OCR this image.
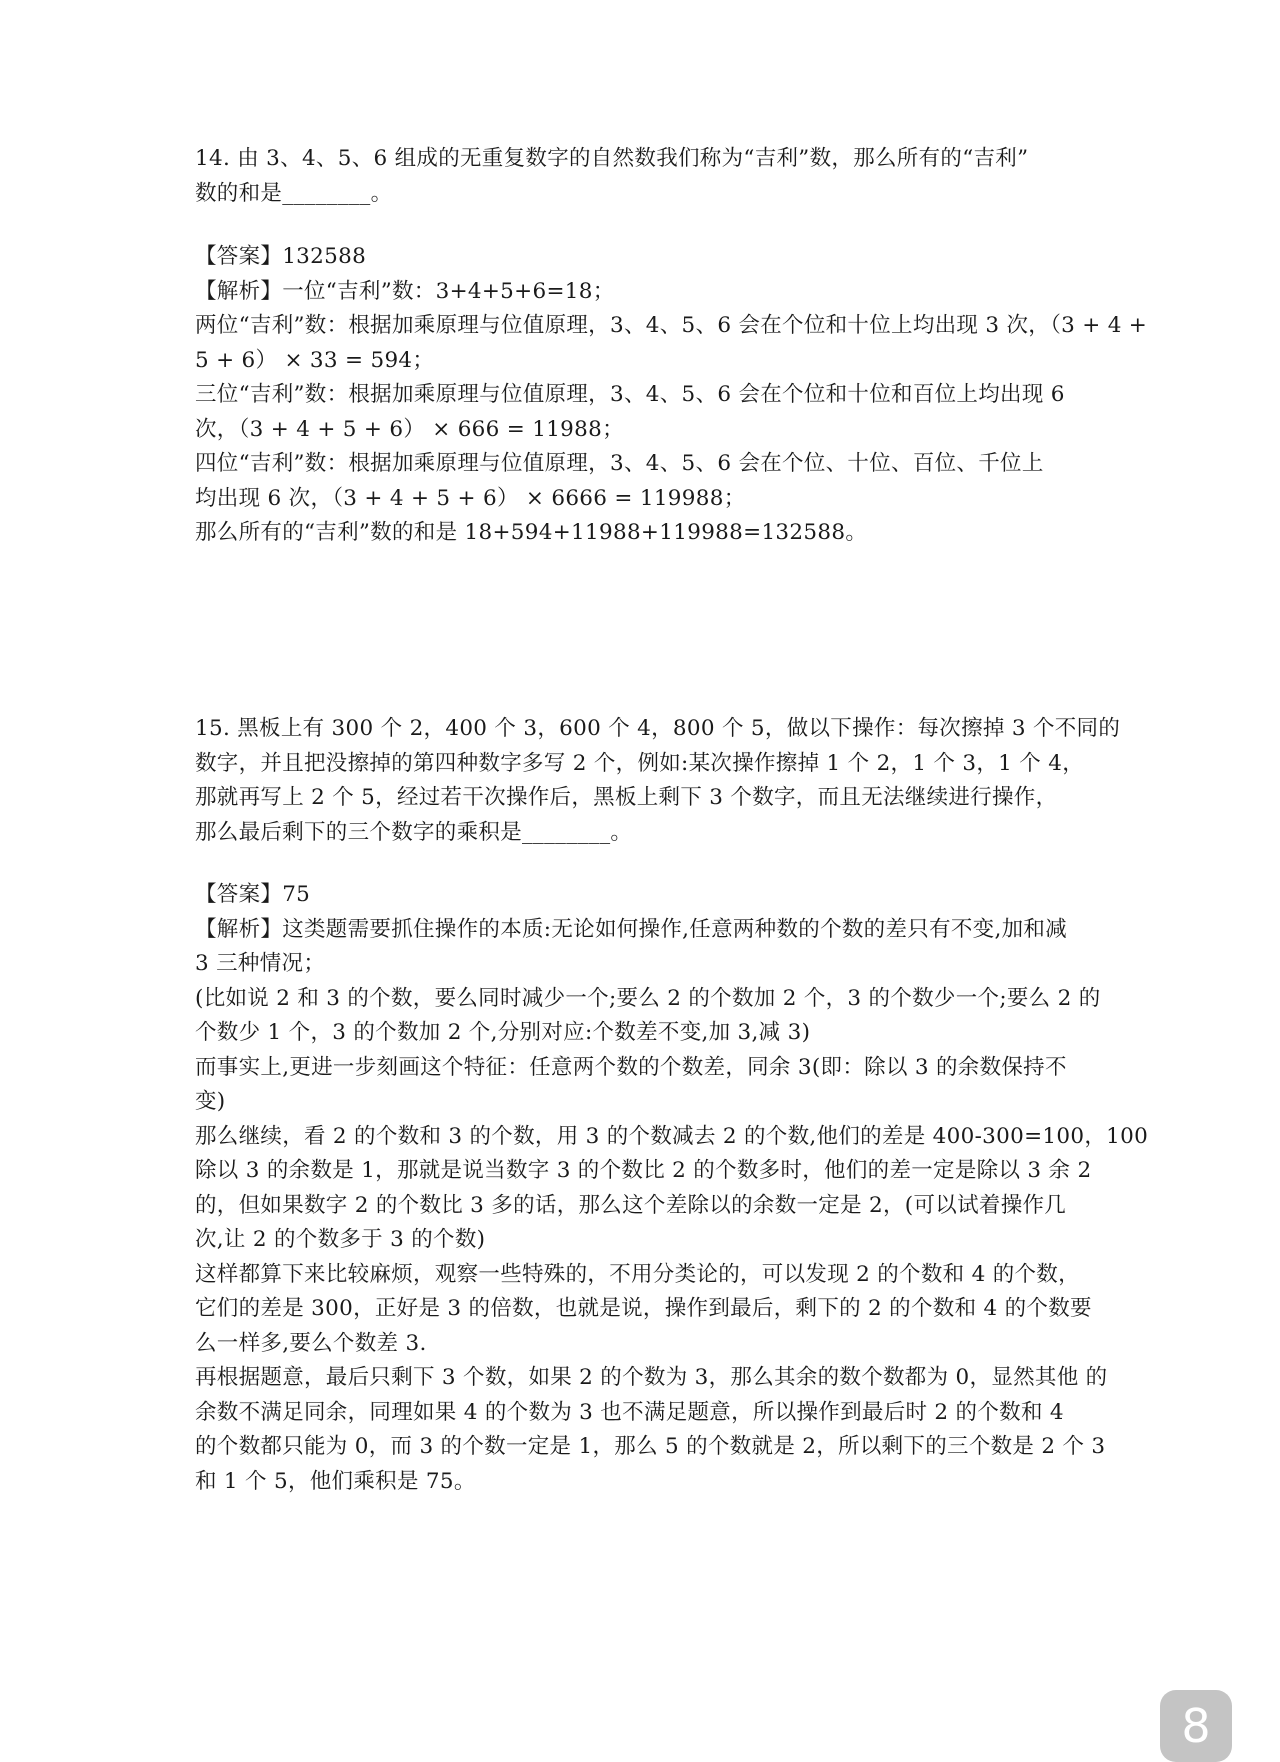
14. 由 3、4、5、6 组成的无重复数字的自然数我们称为“吉利”数，那么所有的“吉利”
数的和是________。
【答案】132588
【解析】一位“吉利”数：3+4+5+6=18；
两位“吉利”数：根据加乘原理与位值原理，3、4、5、6 会在个位和十位上均出现 3 次，（3 + 4 +
5 + 6） × 33 = 594；
三位“吉利”数：根据加乘原理与位值原理，3、4、5、6 会在个位和十位和百位上均出现 6
次，（3 + 4 + 5 + 6） × 666 = 11988；
四位“吉利”数：根据加乘原理与位值原理，3、4、5、6 会在个位、十位、百位、千位上
均出现 6 次，（3 + 4 + 5 + 6） × 6666 = 119988；
那么所有的“吉利”数的和是 18+594+11988+119988=132588。
15. 黑板上有 300 个 2，400 个 3，600 个 4，800 个 5，做以下操作：每次擦掉 3 个不同的
数字，并且把没擦掉的第四种数字多写 2 个，例如:某次操作擦掉 1 个 2，1 个 3，1 个 4，
那就再写上 2 个 5，经过若干次操作后，黑板上剩下 3 个数字，而且无法继续进行操作，
那么最后剩下的三个数字的乘积是________。
【答案】75
【解析】这类题需要抓住操作的本质:无论如何操作,任意两种数的个数的差只有不变,加和减
3 三种情况；
(比如说 2 和 3 的个数，要么同时减少一个;要么 2 的个数加 2 个，3 的个数少一个;要么 2 的
个数少 1 个，3 的个数加 2 个,分别对应:个数差不变,加 3,减 3)
而事实上,更进一步刻画这个特征：任意两个数的个数差，同余 3(即：除以 3 的余数保持不
变)
那么继续，看 2 的个数和 3 的个数，用 3 的个数减去 2 的个数,他们的差是 400-300=100，100
除以 3 的余数是 1，那就是说当数字 3 的个数比 2 的个数多时，他们的差一定是除以 3 余 2
的，但如果数字 2 的个数比 3 多的话，那么这个差除以的余数一定是 2，(可以试着操作几
次,让 2 的个数多于 3 的个数)
这样都算下来比较麻烦，观察一些特殊的，不用分类论的，可以发现 2 的个数和 4 的个数，
它们的差是 300，正好是 3 的倍数，也就是说，操作到最后，剩下的 2 的个数和 4 的个数要
么一样多,要么个数差 3.
再根据题意，最后只剩下 3 个数，如果 2 的个数为 3，那么其余的数个数都为 0，显然其他 的
余数不满足同余，同理如果 4 的个数为 3 也不满足题意，所以操作到最后时 2 的个数和 4
的个数都只能为 0，而 3 的个数一定是 1，那么 5 的个数就是 2，所以剩下的三个数是 2 个 3
和 1 个 5，他们乘积是 75。
8
